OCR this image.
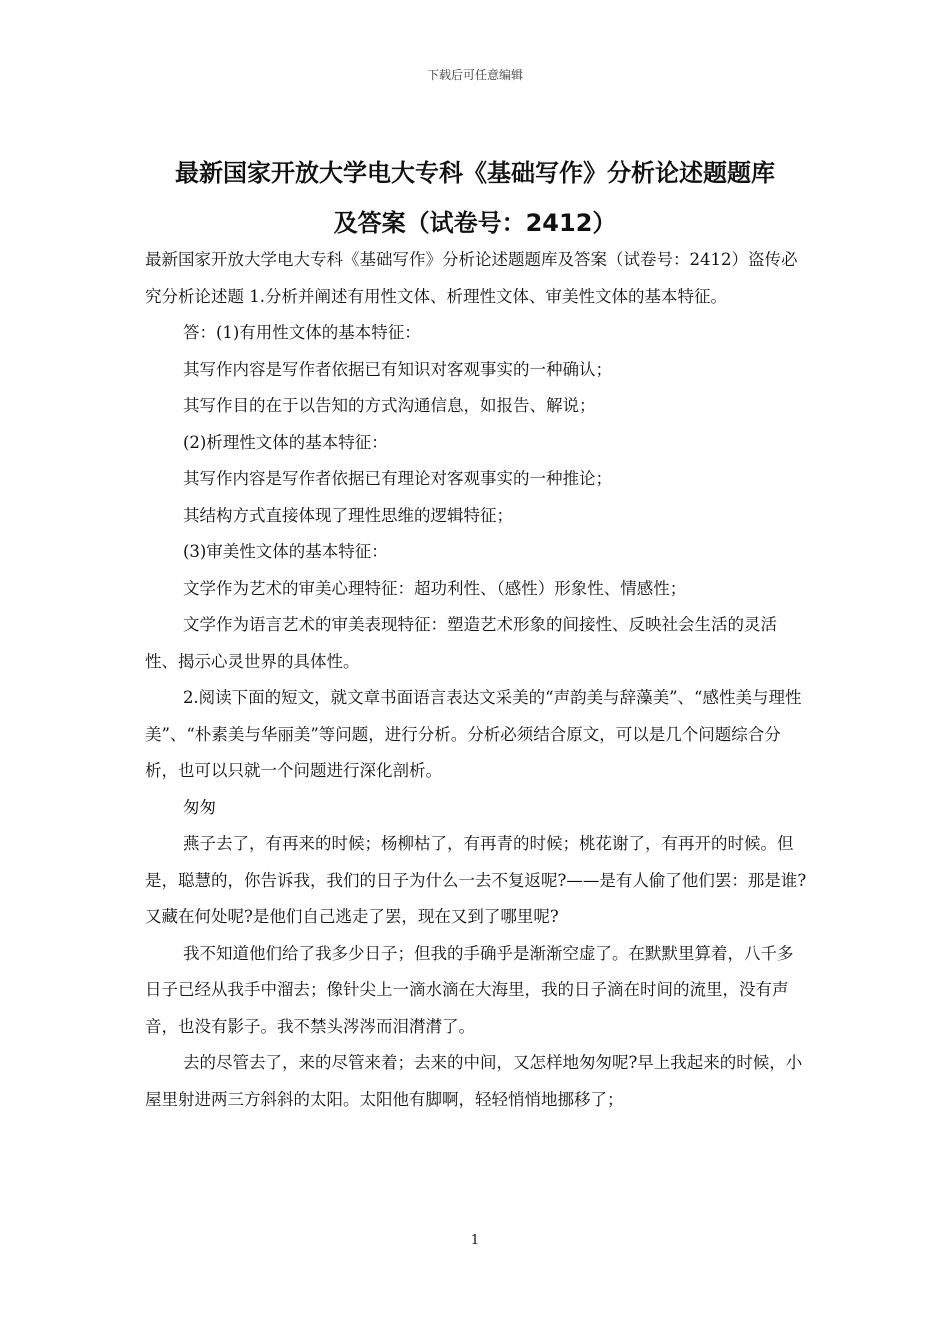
下载后可任意编辑
最新国家开放大学电大专科《基础写作》分析论述题题库
及答案（试卷号：2412）

最新国家开放大学电大专科《基础写作》分析论述题题库及答案（试卷号：2412）盗传必究分析论述题 1.分析并阐述有用性文体、析理性文体、审美性文体的基本特征。

答：(1)有用性文体的基本特征：

其写作内容是写作者依据已有知识对客观事实的一种确认；

其写作目的在于以告知的方式沟通信息，如报告、解说；

(2)析理性文体的基本特征：

其写作内容是写作者依据已有理论对客观事实的一种推论；

其结构方式直接体现了理性思维的逻辑特征；

(3)审美性文体的基本特征：

文学作为艺术的审美心理特征：超功利性、（感性）形象性、情感性；

文学作为语言艺术的审美表现特征：塑造艺术形象的间接性、反映社会生活的灵活性、揭示心灵世界的具体性。

2.阅读下面的短文，就文章书面语言表达文采美的“声韵美与辞藻美”、“感性美与理性美”、“朴素美与华丽美”等问题，进行分析。分析必须结合原文，可以是几个问题综合分析，也可以只就一个问题进行深化剖析。

匆匆

燕子去了，有再来的时候；杨柳枯了，有再青的时候；桃花谢了，有再开的时候。但是，聪慧的，你告诉我，我们的日子为什么一去不复返呢?——是有人偷了他们罢：那是谁?又藏在何处呢?是他们自己逃走了罢，现在又到了哪里呢?

我不知道他们给了我多少日子；但我的手确乎是渐渐空虚了。在默默里算着，八千多日子已经从我手中溜去；像针尖上一滴水滴在大海里，我的日子滴在时间的流里，没有声音，也没有影子。我不禁头涔涔而泪潸潸了。

去的尽管去了，来的尽管来着；去来的中间，又怎样地匆匆呢?早上我起来的时候，小屋里射进两三方斜斜的太阳。太阳他有脚啊，轻轻悄悄地挪移了；

1
